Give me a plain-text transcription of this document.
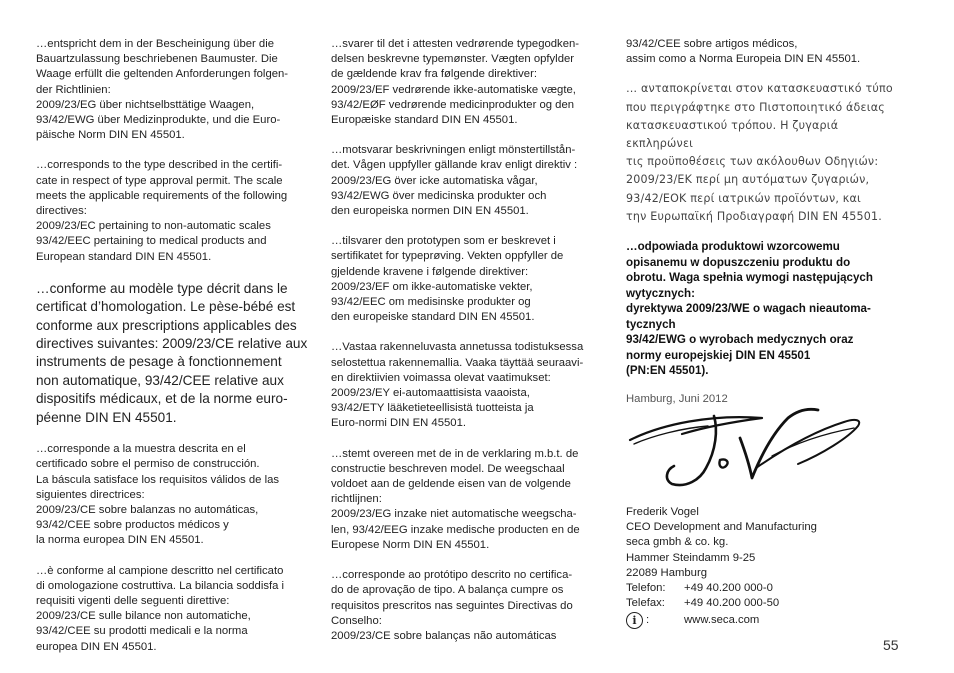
…entspricht dem in der Bescheinigung über die
Bauartzulassung beschriebenen Baumuster. Die
Waage erfüllt die geltenden Anforderungen folgen-
der Richtlinien:
2009/23/EG über nichtselbsttätige Waagen,
93/42/EWG über Medizinprodukte, und die Euro-
päische Norm DIN EN 45501.

…corresponds to the type described in the certifi-
cate in respect of type approval permit. The scale
meets the applicable requirements of the following
directives:
2009/23/EC pertaining to non-automatic scales
93/42/EEC pertaining to medical products and
European standard DIN EN 45501.

…conforme au modèle type décrit dans le
certificat d’homologation. Le pèse-bébé est
conforme aux prescriptions applicables des
directives suivantes: 2009/23/CE relative aux
instruments de pesage à fonctionnement
non automatique, 93/42/CEE relative aux
dispositifs médicaux, et de la norme euro-
péenne DIN EN 45501.

…corresponde a la muestra descrita en el
certificado sobre el permiso de construcción.
La báscula satisface los requisitos válidos de las
siguientes directrices:
2009/23/CE sobre balanzas no automáticas,
93/42/CEE sobre productos médicos y
la norma europea DIN EN 45501.

…è conforme al campione descritto nel certificato
di omologazione costruttiva. La bilancia soddisfa i
requisiti vigenti delle seguenti direttive:
2009/23/CE sulle bilance non automatiche,
93/42/CEE su prodotti medicali e la norma
europea DIN EN 45501.

…svarer til det i attesten vedrørende typegodken-
delsen beskrevne typemønster. Vægten opfylder
de gældende krav fra følgende direktiver:
2009/23/EF vedrørende ikke-automatiske vægte,
93/42/EØF vedrørende medicinprodukter og den
Europæiske standard DIN EN 45501.

…motsvarar beskrivningen enligt mönstertillstån-
det. Vågen uppfyller gällande krav enligt direktiv :
2009/23/EG över icke automatiska vågar,
93/42/EWG över medicinska produkter och
den europeiska normen DIN EN 45501.

…tilsvarer den prototypen som er beskrevet i
sertifikatet for typeprøving. Vekten oppfyller de
gjeldende kravene i følgende direktiver:
2009/23/EF om ikke-automatiske vekter,
93/42/EEC om medisinske produkter og
den europeiske standard DIN EN 45501.

…Vastaa rakenneluvasta annetussa todistuksessa
selostettua rakennemallia. Vaaka täyttää seuraavi-
en direktiivien voimassa olevat vaatimukset:
2009/23/EY ei-automaattisista vaaoista,
93/42/ETY lääketieteellisistä tuotteista ja
Euro-normi DIN EN 45501.

…stemt overeen met de in de verklaring m.b.t. de
constructie beschreven model. De weegschaal
voldoet aan de geldende eisen van de volgende
richtlijnen:
2009/23/EG inzake niet automatische weegscha-
len, 93/42/EEG inzake medische producten en de
Europese Norm DIN EN 45501.

…corresponde ao protótipo descrito no certifica-
do de aprovação de tipo. A balança cumpre os
requisitos prescritos nas seguintes Directivas do
Conselho:
2009/23/CE sobre balanças não automáticas

93/42/CEE sobre artigos médicos,
assim como a Norma Europeia DIN EN 45501.

… ανταποκρίνεται στον κατασκευαστικό τύπο
που περιγράφτηκε στο Πιστοποιητικό άδειας
κατασκευαστικού τρόπου. Η ζυγαριά εκπληρώνει
τις προϋποθέσεις των ακόλουθων Οδηγιών:
2009/23/ΕΚ περί μη αυτόματων ζυγαριών,
93/42/ΕΟΚ περί ιατρικών προϊόντων, και
την Ευρωπαϊκή Προδιαγραφή DIN EN 45501.

…odpowiada produktowi wzorcowemu
opisanemu w dopuszczeniu produktu do
obrotu. Waga spełnia wymogi następujących
wytycznych:
dyrektywa 2009/23/WE o wagach nieautoma-
tycznych
93/42/EWG o wyrobach medycznych oraz
normy europejskiej DIN EN 45501
(PN:EN 45501).

Hamburg, Juni 2012

Frederik Vogel
CEO Development and Manufacturing
seca gmbh & co. kg.
Hammer Steindamm 9-25
22089 Hamburg
Telefon:	+49 40.200 000-0
Telefax:	+49 40.200 000-50
i :	www.seca.com
55
